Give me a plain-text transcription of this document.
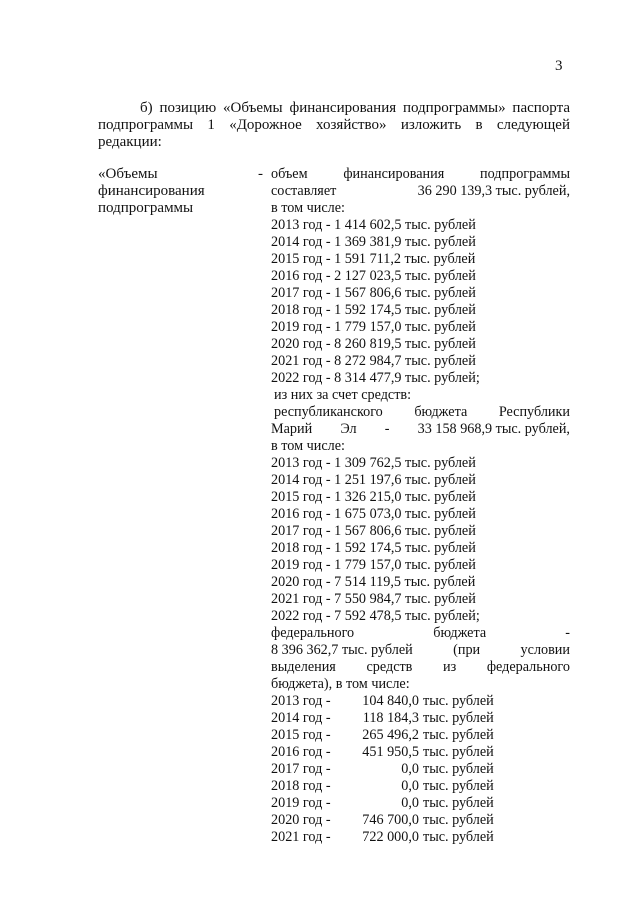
3
б) позицию «Объемы финансирования подпрограммы» паспорта
подпрограммы 1 «Дорожное хозяйство» изложить в следующей
редакции:
«Объемы
финансирования
подпрограммы
- объем	финансирования	подпрограммы
составляет	36 290 139,3 тыс. рублей,
в том числе:
2013 год - 1 414 602,5 тыс. рублей
2014 год - 1 369 381,9 тыс. рублей
2015 год - 1 591 711,2 тыс. рублей
2016 год - 2 127 023,5 тыс. рублей
2017 год - 1 567 806,6 тыс. рублей
2018 год - 1 592 174,5 тыс. рублей
2019 год - 1 779 157,0 тыс. рублей
2020 год - 8 260 819,5 тыс. рублей
2021 год - 8 272 984,7 тыс. рублей
2022 год - 8 314 477,9 тыс. рублей;
из них за счет средств:
республиканского бюджета Республики
Марий Эл - 33 158 968,9 тыс. рублей,
в том числе:
2013 год - 1 309 762,5 тыс. рублей
2014 год - 1 251 197,6 тыс. рублей
2015 год - 1 326 215,0 тыс. рублей
2016 год - 1 675 073,0 тыс. рублей
2017 год - 1 567 806,6 тыс. рублей
2018 год - 1 592 174,5 тыс. рублей
2019 год - 1 779 157,0 тыс. рублей
2020 год - 7 514 119,5 тыс. рублей
2021 год - 7 550 984,7 тыс. рублей
2022 год - 7 592 478,5 тыс. рублей;
федерального	бюджета	-
8 396 362,7 тыс. рублей	(при	условии
выделения средств из федерального
бюджета), в том числе:
2013 год - 104 840,0 тыс. рублей
2014 год - 118 184,3 тыс. рублей
2015 год - 265 496,2 тыс. рублей
2016 год - 451 950,5 тыс. рублей
2017 год -	0,0 тыс. рублей
2018 год -	0,0 тыс. рублей
2019 год -	0,0 тыс. рублей
2020 год - 746 700,0 тыс. рублей
2021 год - 722 000,0 тыс. рублей
